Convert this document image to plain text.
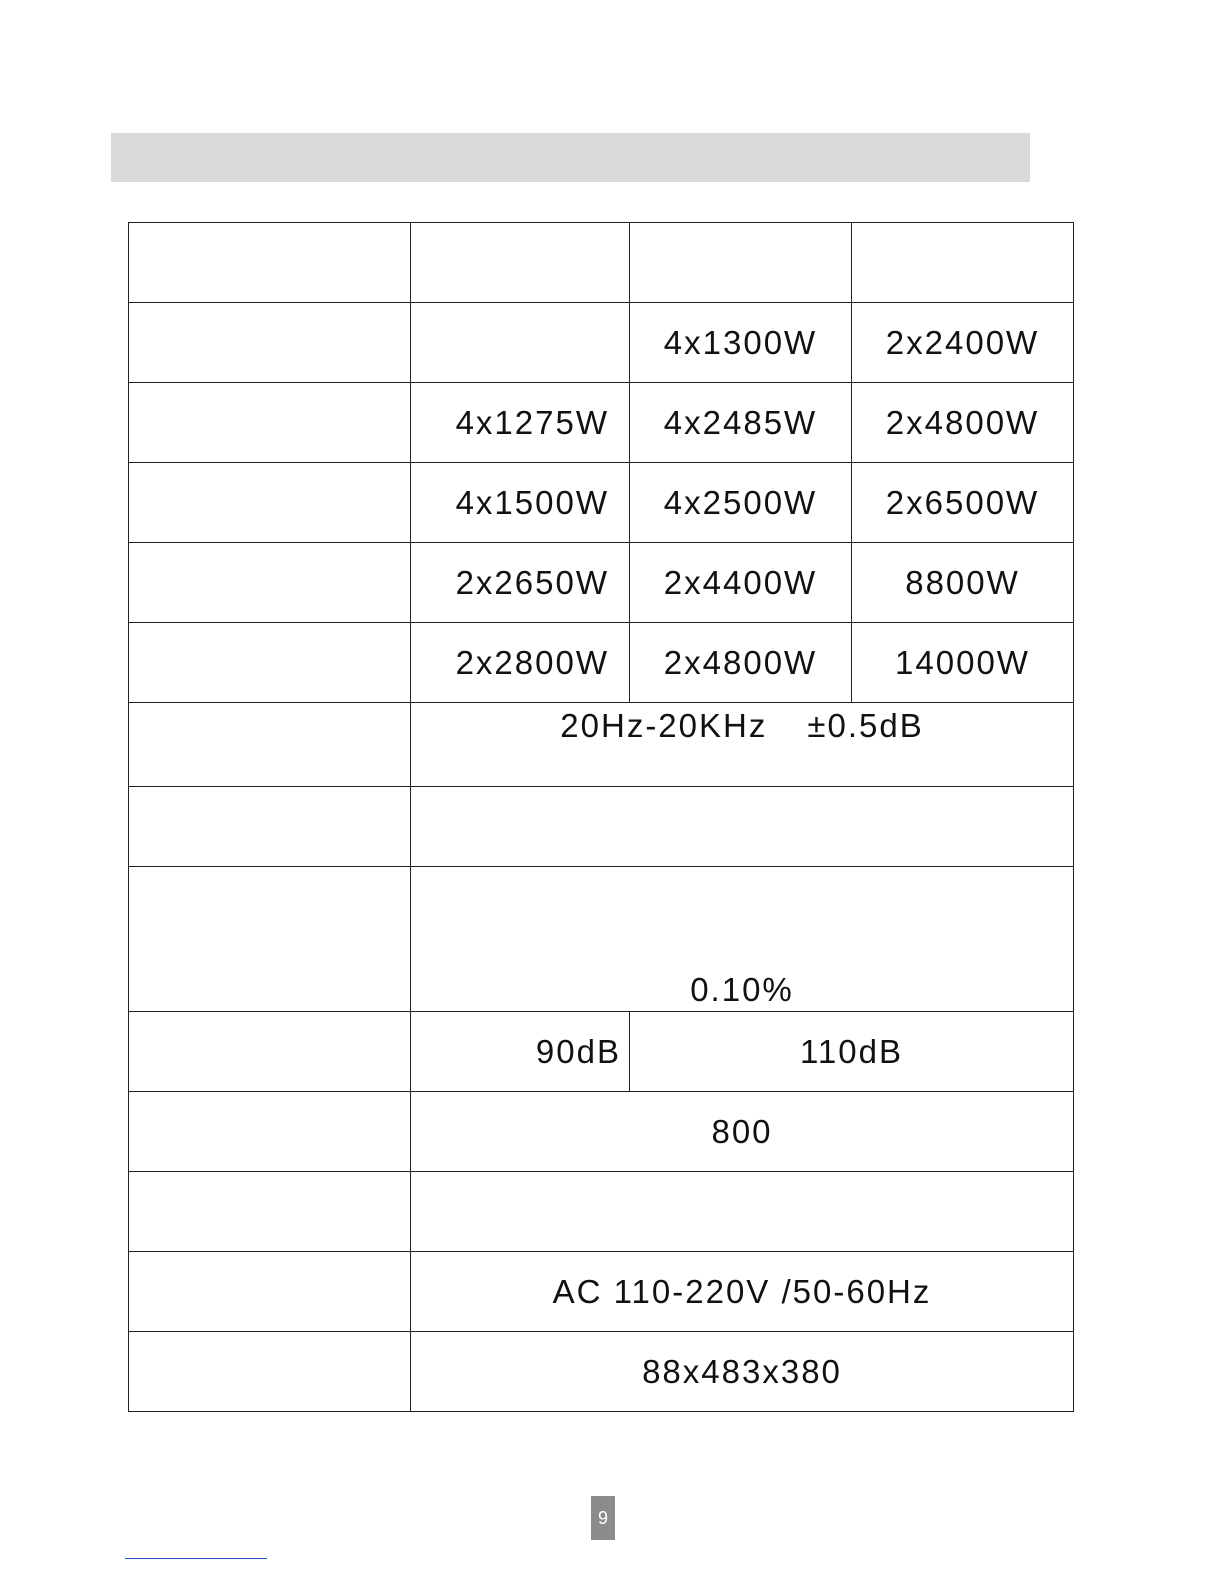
		4x1300W	2x2400W
	4x1275W	4x2485W	2x4800W
	4x1500W	4x2500W	2x6500W
	2x2650W	2x4400W	8800W
	2x2800W	2x4800W	14000W
	20Hz-20KHz ±0.5dB		

	0.10%		
	90dB	110dB	
	800		

	AC 110-220V /50-60Hz		
	88x483x380		
9
